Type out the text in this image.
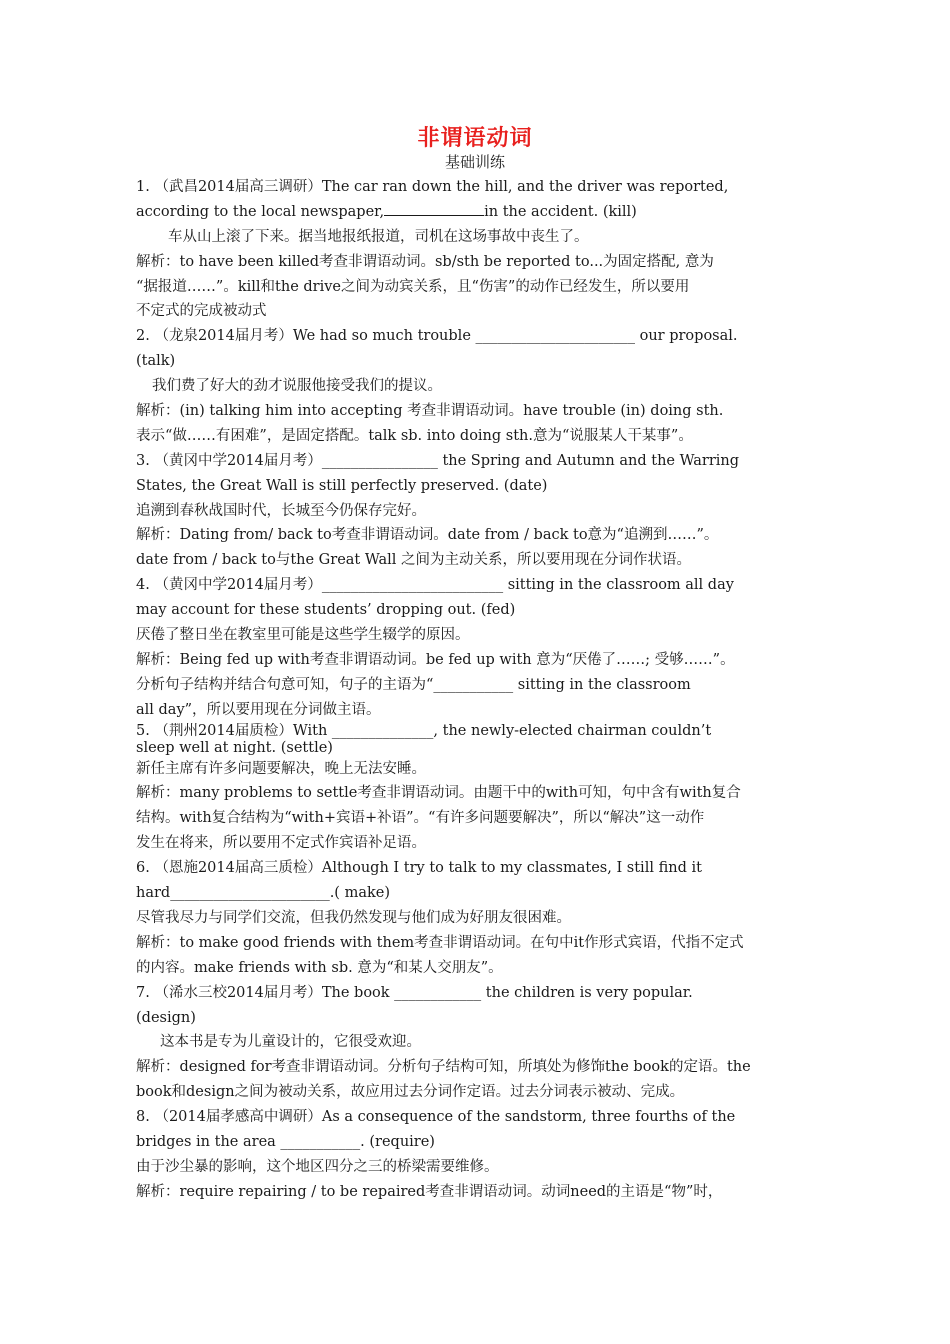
非谓语动词
基础训练
1. （武昌2014届高三调研）The car ran down the hill, and the driver was reported,
according to the local newspaper,	in the accident. (kill)
车从山上滚了下来。据当地报纸报道，司机在这场事故中丧生了。
解析：to have been killed考查非谓语动词。sb/sth be reported to...为固定搭配, 意为
“据报道……”。kill和the drive之间为动宾关系，且“伤害”的动作已经发生，所以要用
不定式的完成被动式
2. （龙泉2014届月考）We had so much trouble ______________________ our proposal.
(talk)
我们费了好大的劲才说服他接受我们的提议。
解析：(in) talking him into accepting 考查非谓语动词。have trouble (in) doing sth.
表示“做……有困难”，是固定搭配。talk sb. into doing sth.意为“说服某人干某事”。
3. （黄冈中学2014届月考）________________ the Spring and Autumn and the Warring
States, the Great Wall is still perfectly preserved. (date)
追溯到春秋战国时代，长城至今仍保存完好。
解析：Dating from/ back to考查非谓语动词。date from / back to意为“追溯到……”。
date from / back to与the Great Wall 之间为主动关系，所以要用现在分词作状语。
4. （黄冈中学2014届月考）_________________________ sitting in the classroom all day
may account for these students’ dropping out. (fed)
厌倦了整日坐在教室里可能是这些学生辍学的原因。
解析：Being fed up with考查非谓语动词。be fed up with 意为“厌倦了……; 受够……”。
分析句子结构并结合句意可知，句子的主语为“___________ sitting in the classroom
all day”，所以要用现在分词做主语。
5. （荆州2014届质检）With ______________, the newly-elected chairman couldn’t
sleep well at night. (settle)
新任主席有许多问题要解决，晚上无法安睡。
解析：many problems to settle考查非谓语动词。由题干中的with可知，句中含有with复合
结构。with复合结构为“with+宾语+补语”。“有许多问题要解决”，所以“解决”这一动作
发生在将来，所以要用不定式作宾语补足语。
6. （恩施2014届高三质检）Although I try to talk to my classmates, I still find it
hard______________________.( make)
尽管我尽力与同学们交流，但我仍然发现与他们成为好朋友很困难。
解析：to make good friends with them考查非谓语动词。在句中it作形式宾语，代指不定式
的内容。make friends with sb. 意为“和某人交朋友”。
7. （浠水三校2014届月考）The book ____________ the children is very popular.
(design)
这本书是专为儿童设计的，它很受欢迎。
解析：designed for考查非谓语动词。分析句子结构可知，所填处为修饰the book的定语。the
book和design之间为被动关系，故应用过去分词作定语。过去分词表示被动、完成。
8. （2014届孝感高中调研）As a consequence of the sandstorm, three fourths of the
bridges in the area ___________. (require)
由于沙尘暴的影响，这个地区四分之三的桥梁需要维修。
解析：require repairing / to be repaired考查非谓语动词。动词need的主语是“物”时，
